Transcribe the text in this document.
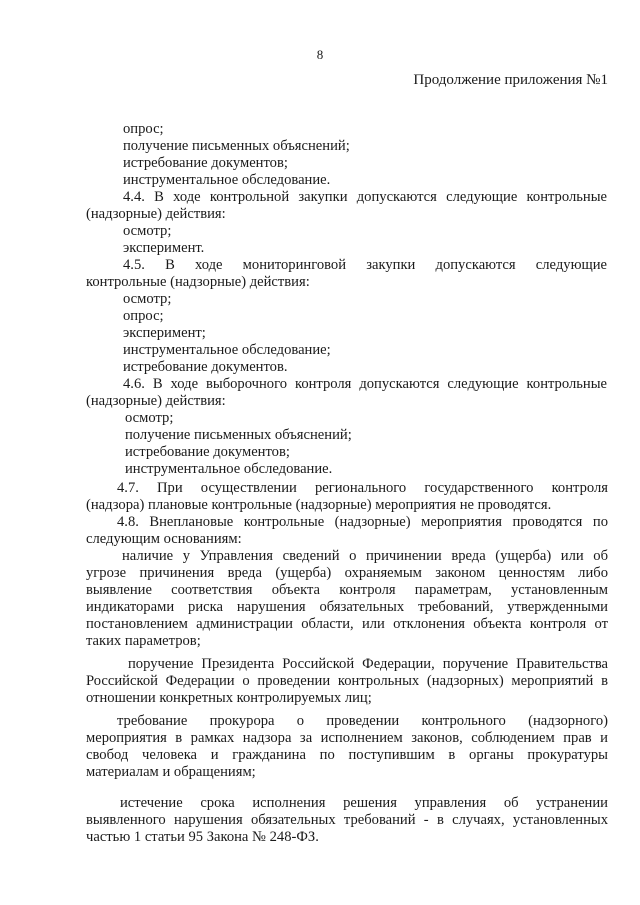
8
Продолжение приложения №1
опрос;
получение письменных объяснений;
истребование документов;
инструментальное обследование.
4.4. В ходе контрольной закупки допускаются следующие контрольные
(надзорные) действия:
осмотр;
эксперимент.
4.5. В ходе мониторинговой закупки допускаются следующие
контрольные (надзорные) действия:
осмотр;
опрос;
эксперимент;
инструментальное обследование;
истребование документов.
4.6. В ходе выборочного контроля допускаются следующие контрольные
(надзорные) действия:
осмотр;
получение письменных объяснений;
истребование документов;
инструментальное обследование.
4.7. При осуществлении регионального государственного контроля
(надзора) плановые контрольные (надзорные) мероприятия не проводятся.
4.8. Внеплановые контрольные (надзорные) мероприятия проводятся по
следующим основаниям:
наличие у Управления сведений о причинении вреда (ущерба) или об
угрозе причинения вреда (ущерба) охраняемым законом ценностям либо
выявление соответствия объекта контроля параметрам, установленным
индикаторами риска нарушения обязательных требований, утвержденными
постановлением администрации области, или отклонения объекта контроля от
таких параметров;
поручение Президента Российской Федерации, поручение Правительства
Российской Федерации о проведении контрольных (надзорных) мероприятий в
отношении конкретных контролируемых лиц;
требование прокурора о проведении контрольного (надзорного)
мероприятия в рамках надзора за исполнением законов, соблюдением прав и
свобод человека и гражданина по поступившим в органы прокуратуры
материалам и обращениям;
истечение срока исполнения решения управления об устранении
выявленного нарушения обязательных требований - в случаях, установленных
частью 1 статьи 95 Закона № 248-ФЗ.
